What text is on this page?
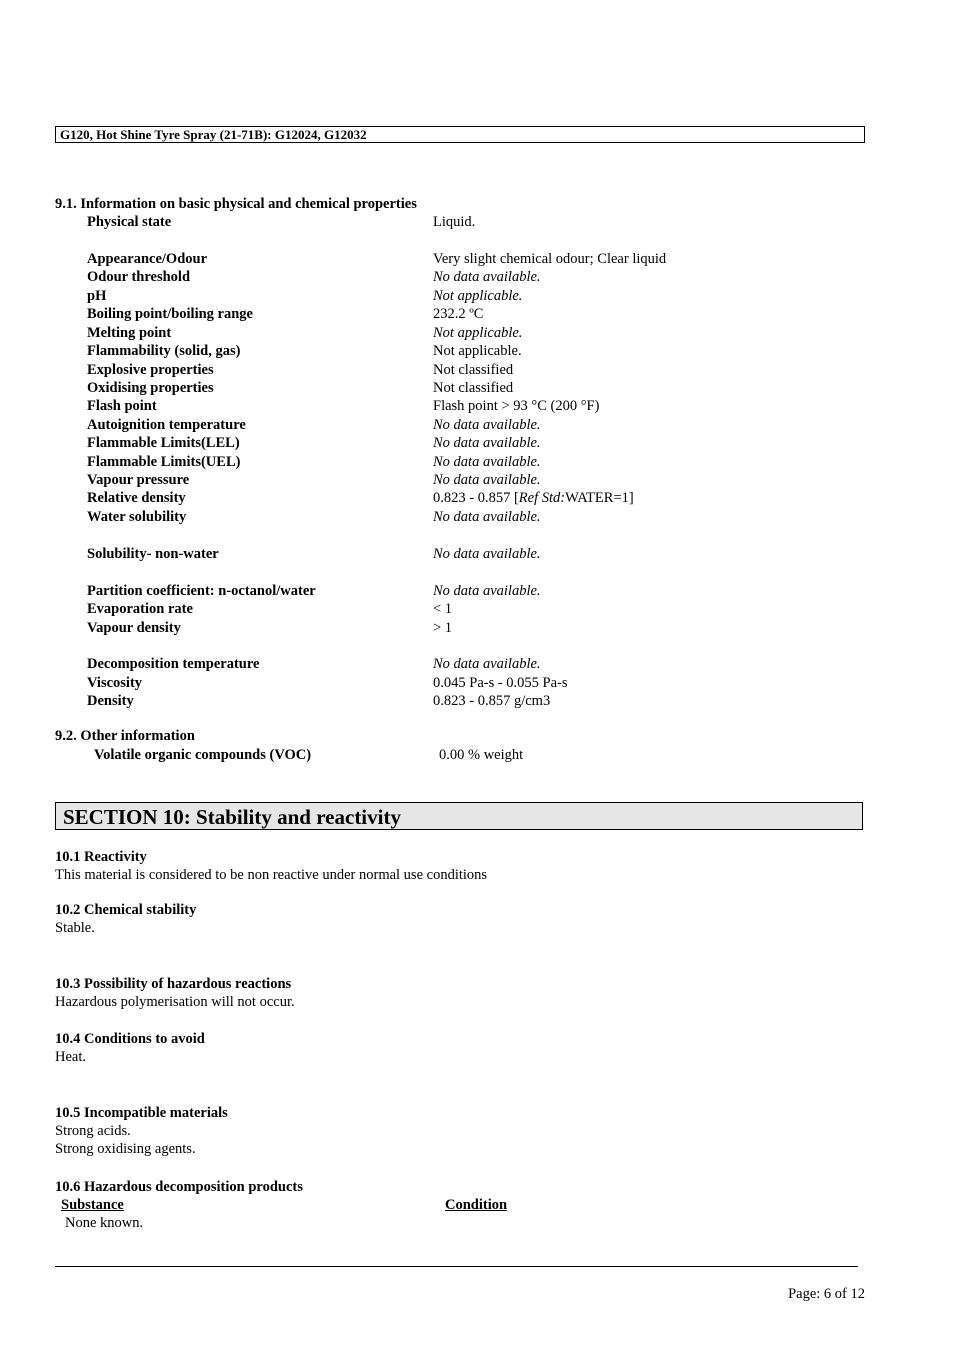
G120, Hot Shine Tyre Spray (21-71B): G12024, G12032
9.1. Information on basic physical and chemical properties
Physical state	Liquid.
Appearance/Odour	Very slight chemical odour; Clear liquid
Odour threshold	No data available.
pH	Not applicable.
Boiling point/boiling range	232.2 ºC
Melting point	Not applicable.
Flammability (solid, gas)	Not applicable.
Explosive properties	Not classified
Oxidising properties	Not classified
Flash point	Flash point > 93 °C (200 °F)
Autoignition temperature	No data available.
Flammable Limits(LEL)	No data available.
Flammable Limits(UEL)	No data available.
Vapour pressure	No data available.
Relative density	0.823 - 0.857 [Ref Std:WATER=1]
Water solubility	No data available.
Solubility- non-water	No data available.
Partition coefficient: n-octanol/water	No data available.
Evaporation rate	< 1
Vapour density	> 1
Decomposition temperature	No data available.
Viscosity	0.045 Pa-s - 0.055 Pa-s
Density	0.823 - 0.857 g/cm3
9.2. Other information
Volatile organic compounds (VOC)	0.00 % weight
SECTION 10: Stability and reactivity
10.1 Reactivity
This material is considered to be non reactive under normal use conditions
10.2 Chemical stability
Stable.
10.3 Possibility of hazardous reactions
Hazardous polymerisation will not occur.
10.4 Conditions to avoid
Heat.
10.5 Incompatible materials
Strong acids.
Strong oxidising agents.
10.6 Hazardous decomposition products
Substance	Condition
None known.
Page: 6 of 12
